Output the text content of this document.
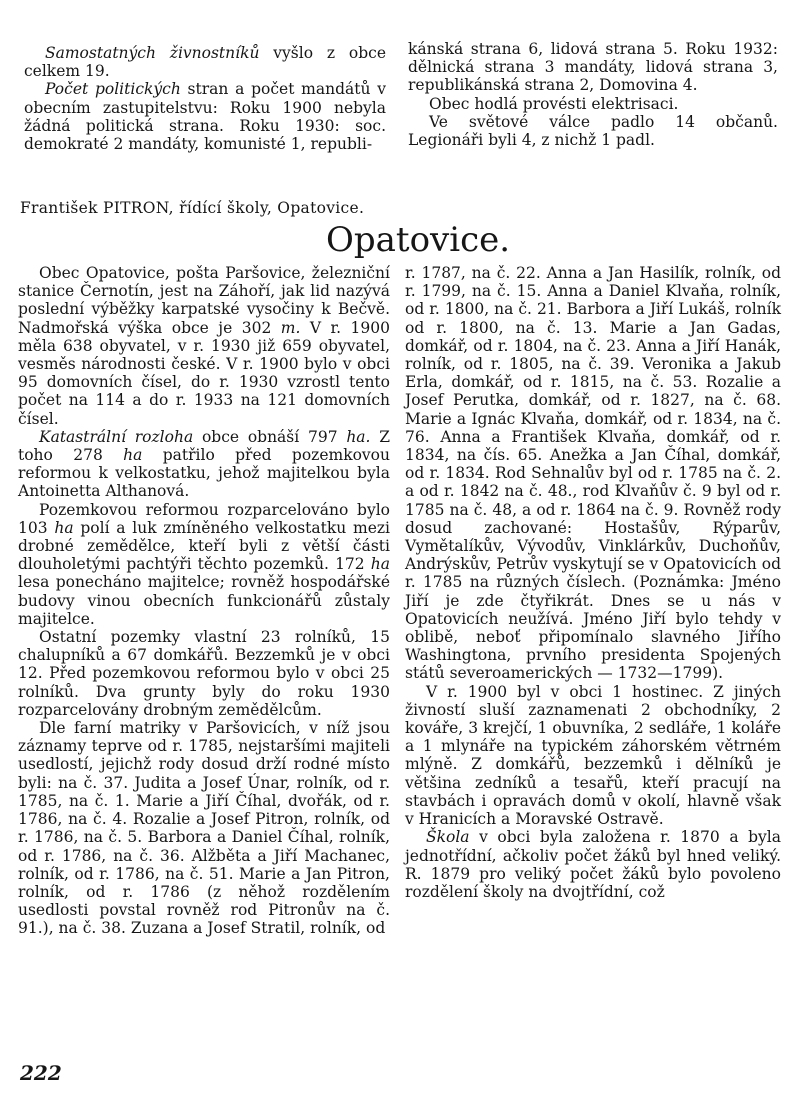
Samostatných živnostníků vyšlo z obce celkem 19.

Počet politických stran a počet mandátů v obecním zastupitelstvu: Roku 1900 nebyla žádná politická strana. Roku 1930: soc. demokraté 2 mandáty, komunisté 1, republi-

kánská strana 6, lidová strana 5. Roku 1932: dělnická strana 3 mandáty, lidová strana 3, republikánská strana 2, Domovina 4.

Obec hodlá provésti elektrisaci.

Ve světové válce padlo 14 občanů. Legionáři byli 4, z nichž 1 padl.

František PITRON, řídící školy, Opatovice.
Opatovice.

Obec Opatovice, pošta Paršovice, železniční stanice Černotín, jest na Záhoří, jak lid nazývá poslední výběžky karpatské vysočiny k Bečvě. Nadmořská výška obce je 302 m. V r. 1900 měla 638 obyvatel, v r. 1930 již 659 obyvatel, vesměs národnosti české. V r. 1900 bylo v obci 95 domovních čísel, do r. 1930 vzrostl tento počet na 114 a do r. 1933 na 121 domovních čísel.

Katastrální rozloha obce obnáší 797 ha. Z toho 278 ha patřilo před pozemkovou reformou k velkostatku, jehož majitelkou byla Antoinetta Althanová.

Pozemkovou reformou rozparcelováno bylo 103 ha polí a luk zmíněného velkostatku mezi drobné zemědělce, kteří byli z větší části dlouholetými pachtýři těchto pozemků. 172 ha lesa ponecháno majitelce; rovněž hospodářské budovy vinou obecních funkcionářů zůstaly majitelce.

Ostatní pozemky vlastní 23 rolníků, 15 chalupníků a 67 domkářů. Bezzemků je v obci 12. Před pozemkovou reformou bylo v obci 25 rolníků. Dva grunty byly do roku 1930 rozparcelovány drobným zemědělcům.

Dle farní matriky v Paršovicích, v níž jsou záznamy teprve od r. 1785, nejstaršími majiteli usedlostí, jejichž rody dosud drží rodné místo byli: na č. 37. Judita a Josef Únar, rolník, od r. 1785, na č. 1. Marie a Jiří Číhal, dvořák, od r. 1786, na č. 4. Rozalie a Josef Pitron, rolník, od r. 1786, na č. 5. Barbora a Daniel Číhal, rolník, od r. 1786, na č. 36. Alžběta a Jiří Machanec, rolník, od r. 1786, na č. 51. Marie a Jan Pitron, rolník, od r. 1786 (z něhož rozdělením usedlosti povstal rovněž rod Pitronův na č. 91.), na č. 38. Zuzana a Josef Stratil, rolník, od

r. 1787, na č. 22. Anna a Jan Hasilík, rolník, od r. 1799, na č. 15. Anna a Daniel Klvaňa, rolník, od r. 1800, na č. 21. Barbora a Jiří Lukáš, rolník od r. 1800, na č. 13. Marie a Jan Gadas, domkář, od r. 1804, na č. 23. Anna a Jiří Hanák, rolník, od r. 1805, na č. 39. Veronika a Jakub Erla, domkář, od r. 1815, na č. 53. Rozalie a Josef Perutka, domkář, od r. 1827, na č. 68. Marie a Ignác Klvaňa, domkář, od r. 1834, na č. 76. Anna a František Klvaňa, domkář, od r. 1834, na čís. 65. Anežka a Jan Číhal, domkář, od r. 1834. Rod Sehnalův byl od r. 1785 na č. 2. a od r. 1842 na č. 48., rod Klvaňův č. 9 byl od r. 1785 na č. 48, a od r. 1864 na č. 9. Rovněž rody dosud zachované: Hostašův, Rýparův, Vymětalíkův, Vývodův, Vinklárkův, Duchoňův, Andrýskův, Petrův vyskytují se v Opatovicích od r. 1785 na různých číslech. (Poznámka: Jméno Jiří je zde čtyřikrát. Dnes se u nás v Opatovicích neužívá. Jméno Jiří bylo tehdy v oblibě, neboť připomínalo slavného Jiřího Washingtona, prvního presidenta Spojených států severoamerických — 1732—1799).

V r. 1900 byl v obci 1 hostinec. Z jiných živností sluší zaznamenati 2 obchodníky, 2 kováře, 3 krejčí, 1 obuvníka, 2 sedláře, 1 koláře a 1 mlynáře na typickém záhorském větrném mlýně. Z domkářů, bezzemků i dělníků je většina zedníků a tesařů, kteří pracují na stavbách i opravách domů v okolí, hlavně však v Hranicích a Moravské Ostravě.

Škola v obci byla založena r. 1870 a byla jednotřídní, ačkoliv počet žáků byl hned veliký. R. 1879 pro veliký počet žáků bylo povoleno rozdělení školy na dvojtřídní, což

222
